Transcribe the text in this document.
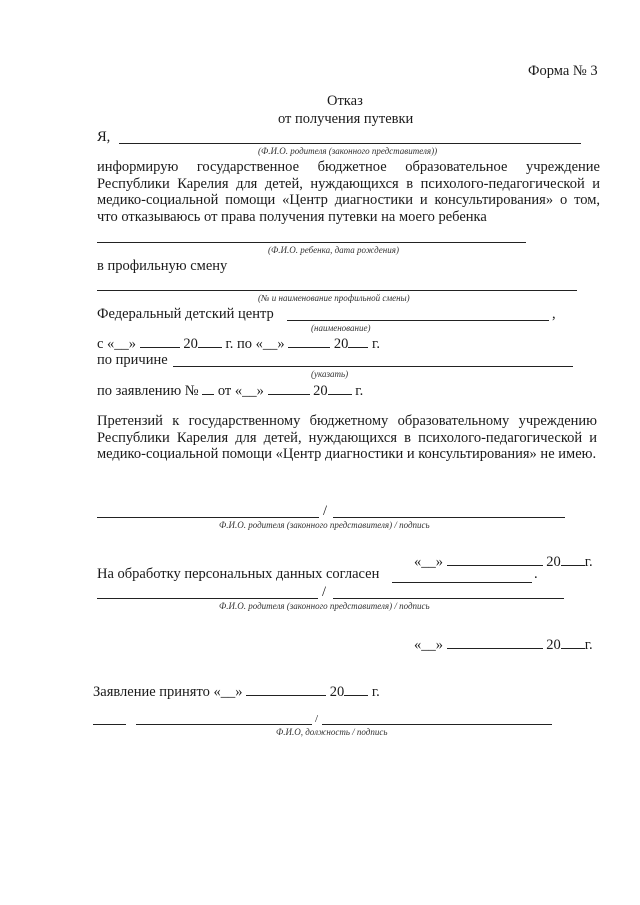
Форма № 3
Отказ
от получения путевки
Я,
(Ф.И.О. родителя (законного представителя))
информирую государственное бюджетное образовательное учреждение Республики Карелия для детей, нуждающихся в психолого-педагогической и медико-социальной помощи «Центр диагностики и консультирования» о том, что отказываюсь от права получения путевки на моего ребенка
(Ф.И.О. ребенка, дата рождения)
в профильную смену
(№ и наименование профильной смены)
Федеральный детский центр	,
(наименование)
с «__»	20 г. по «__»	20 г.
по причине
(указать)
по заявлению № от «__»	20 г.
Претензий к государственному бюджетному образовательному учреждению Республики Карелия для детей, нуждающихся в психолого-педагогической и медико-социальной помощи «Центр диагностики и консультирования» не имею.
/
Ф.И.О. родителя (законного представителя) / подпись
«__»	20 г.
На обработку персональных данных согласен	.
/
Ф.И.О. родителя (законного представителя) / подпись
«__»	20 г.
Заявление принято «__»	20 г.
/
Ф.И.О, должность / подпись
